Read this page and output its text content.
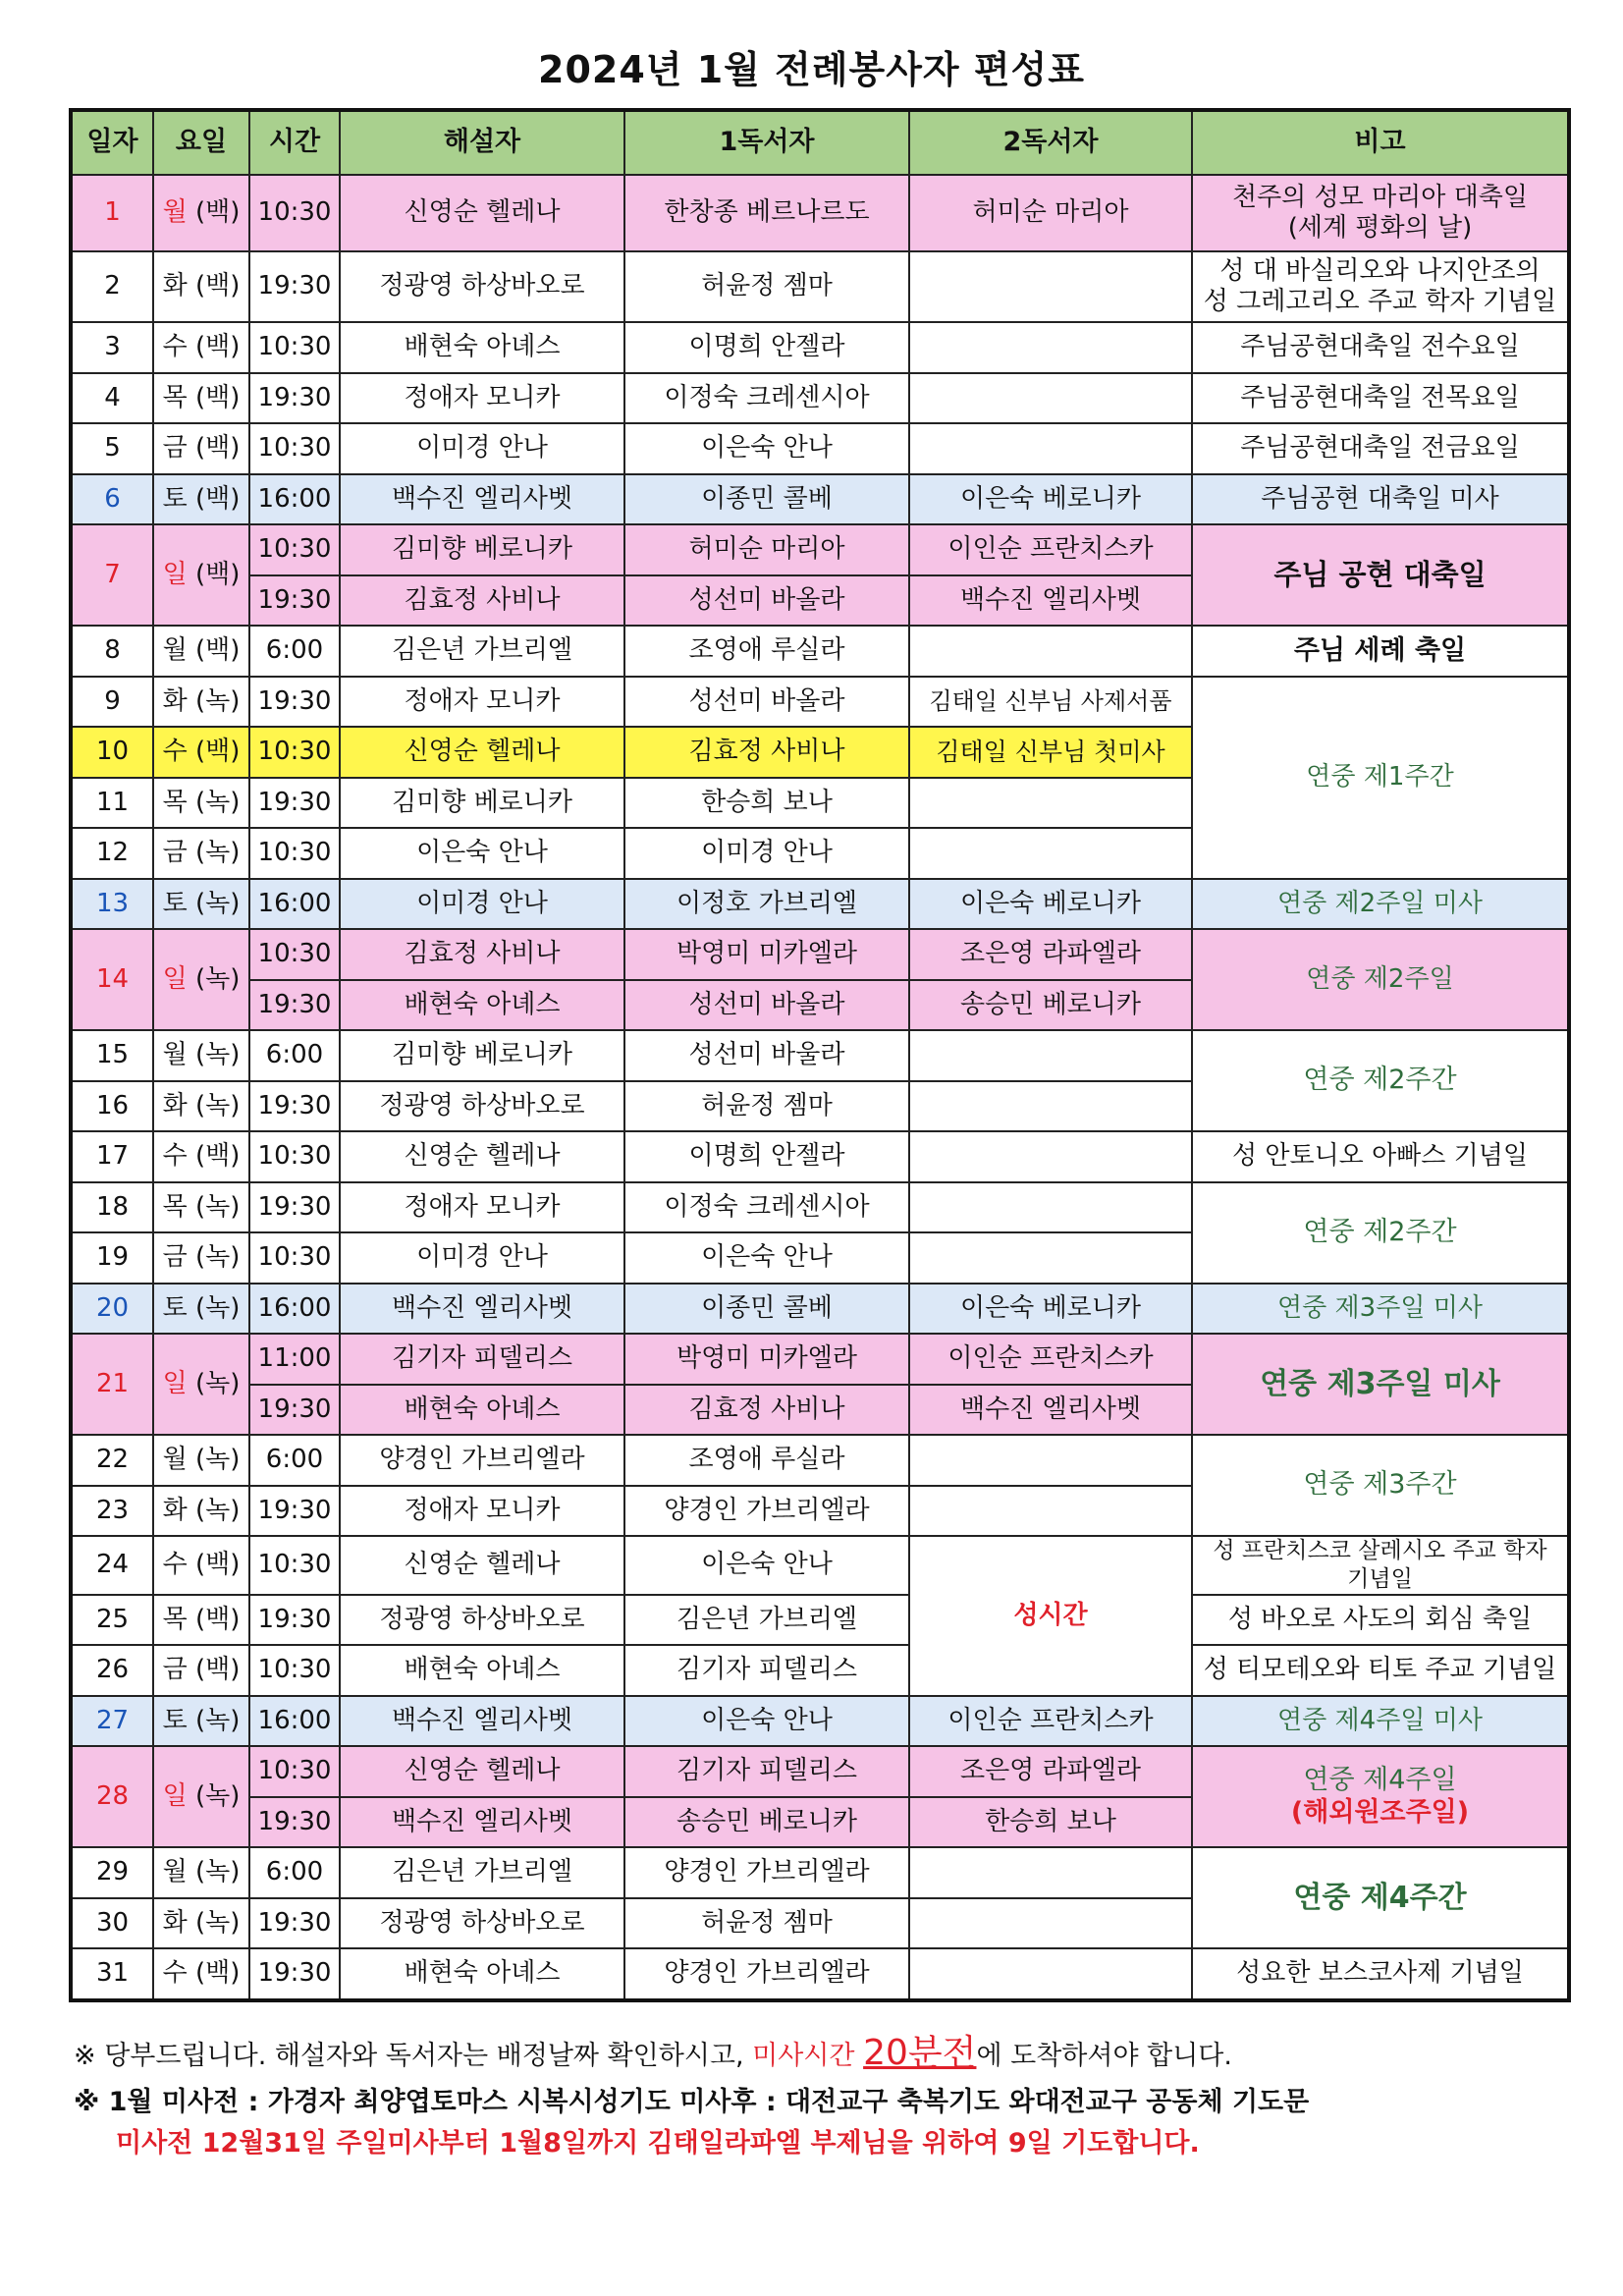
2024년 1월 전례봉사자 편성표
일자	요일	시간	해설자	1독서자	2독서자	비고
1	월 (백)	10:30	신영순 헬레나	한창종 베르나르도	허미순 마리아	천주의 성모 마리아 대축일
(세계 평화의 날)

2	화 (백)	19:30	정광영 하상바오로	허윤정 젬마		성 대 바실리오와 나지안조의
성 그레고리오 주교 학자 기념일

3	수 (백)	10:30	배현숙 아녜스	이명희 안젤라		주님공현대축일 전수요일
4	목 (백)	19:30	정애자 모니카	이정숙 크레센시아		주님공현대축일 전목요일
5	금 (백)	10:30	이미경 안나	이은숙 안나		주님공현대축일 전금요일
6	토 (백)	16:00	백수진 엘리사벳	이종민 콜베	이은숙 베로니카	주님공현 대축일 미사
7	일 (백)	10:30	김미향 베로니카	허미순 마리아	이인순 프란치스카	주님 공현 대축일
		19:30	김효정 사비나	성선미 바올라	백수진 엘리사벳	
8	월 (백)	6:00	김은년 가브리엘	조영애 루실라		주님 세례 축일
9	화 (녹)	19:30	정애자 모니카	성선미 바올라	김태일 신부님 사제서품	연중 제1주간
10	수 (백)	10:30	신영순 헬레나	김효정 사비나	김태일 신부님 첫미사	
11	목 (녹)	19:30	김미향 베로니카	한승희 보나		
12	금 (녹)	10:30	이은숙 안나	이미경 안나		
13	토 (녹)	16:00	이미경 안나	이정호 가브리엘	이은숙 베로니카	연중 제2주일 미사
14	일 (녹)	10:30	김효정 사비나	박영미 미카엘라	조은영 라파엘라	연중 제2주일
		19:30	배현숙 아녜스	성선미 바올라	송승민 베로니카	
15	월 (녹)	6:00	김미향 베로니카	성선미 바울라		연중 제2주간
16	화 (녹)	19:30	정광영 하상바오로	허윤정 젬마		
17	수 (백)	10:30	신영순 헬레나	이명희 안젤라		성 안토니오 아빠스 기념일
18	목 (녹)	19:30	정애자 모니카	이정숙 크레센시아		연중 제2주간
19	금 (녹)	10:30	이미경 안나	이은숙 안나		
20	토 (녹)	16:00	백수진 엘리사벳	이종민 콜베	이은숙 베로니카	연중 제3주일 미사
21	일 (녹)	11:00	김기자 피델리스	박영미 미카엘라	이인순 프란치스카	연중 제3주일 미사
		19:30	배현숙 아녜스	김효정 사비나	백수진 엘리사벳	
22	월 (녹)	6:00	양경인 가브리엘라	조영애 루실라		연중 제3주간
23	화 (녹)	19:30	정애자 모니카	양경인 가브리엘라		
24	수 (백)	10:30	신영순 헬레나	이은숙 안나	성시간	성 프란치스코 살레시오 주교 학자
기념일

25	목 (백)	19:30	정광영 하상바오로	김은년 가브리엘		성 바오로 사도의 회심 축일
26	금 (백)	10:30	배현숙 아녜스	김기자 피델리스		성 티모테오와 티토 주교 기념일
27	토 (녹)	16:00	백수진 엘리사벳	이은숙 안나	이인순 프란치스카	연중 제4주일 미사
28	일 (녹)	10:30	신영순 헬레나	김기자 피델리스	조은영 라파엘라	연중 제4주일
(해외원조주일)

		19:30	백수진 엘리사벳	송승민 베로니카	한승희 보나	
29	월 (녹)	6:00	김은년 가브리엘	양경인 가브리엘라		연중 제4주간
30	화 (녹)	19:30	정광영 하상바오로	허윤정 젬마		
31	수 (백)	19:30	배현숙 아녜스	양경인 가브리엘라		성요한 보스코사제 기념일
※ 당부드립니다. 해설자와 독서자는 배정날짜 확인하시고, 미사시간 20분전에 도착하셔야 합니다.
※ 1월 미사전 : 가경자 최양엽토마스 시복시성기도 미사후 : 대전교구 축복기도 와대전교구 공동체 기도문
미사전 12월31일 주일미사부터 1월8일까지 김태일라파엘 부제님을 위하여 9일 기도합니다.
